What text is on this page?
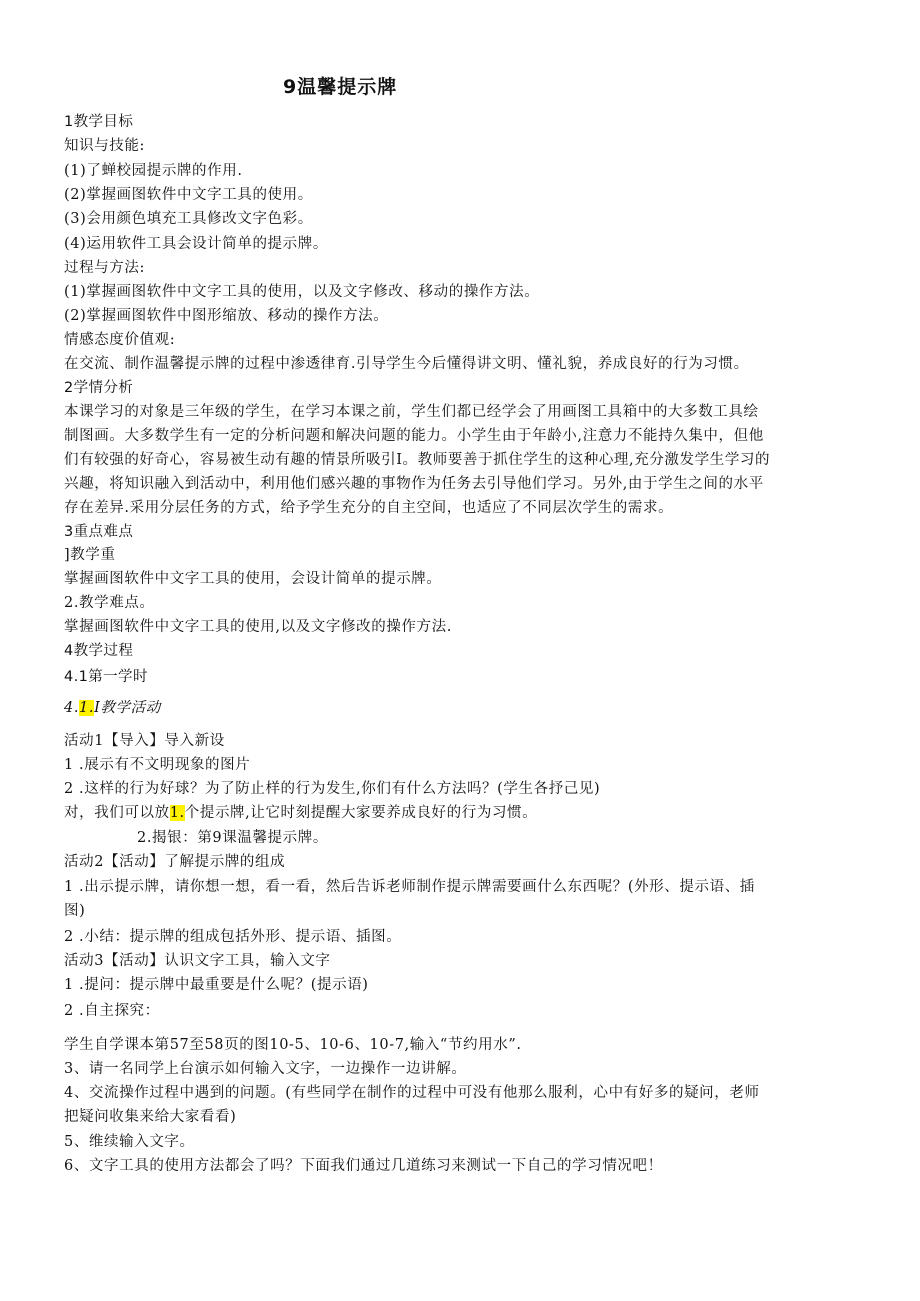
9温馨提示牌
1教学目标
知识与技能:
(1)了蝉校园提示牌的作用.
(2)掌握画图软件中文字工具的使用。
(3)会用颜色填充工具修改文字色彩。
(4)运用软件工具会设计简单的提示牌。
过程与方法:
(1)掌握画图软件中文字工具的使用，以及文字修改、移动的操作方法。
(2)掌握画图软件中图形缩放、移动的操作方法。
情感态度价值观:
在交流、制作温馨提示牌的过程中渗透律育.引导学生今后懂得讲文明、懂礼貌，养成良好的行为习惯。
2学情分析
本课学习的对象是三年级的学生，在学习本课之前，学生们都已经学会了用画图工具箱中的大多数工具绘
制图画。大多数学生有一定的分析问题和解决问题的能力。小学生由于年龄小,注意力不能持久集中，但他
们有较强的好奇心，容易被生动有趣的情景所吸引I。教师要善于抓住学生的这种心理,充分激发学生学习的
兴趣，将知识融入到活动中，利用他们感兴趣的事物作为任务去引导他们学习。另外,由于学生之间的水平
存在差异.采用分层任务的方式，给予学生充分的自主空间，也适应了不同层次学生的需求。
3重点难点
]教学重
掌握画图软件中文字工具的使用，会设计简单的提示牌。
2.教学难点。
掌握画图软件中文字工具的使用,以及文字修改的操作方法.
4教学过程
4.1第一学时
4.1.I教学活动
活动1【导入】导入新设
1 .展示有不文明现象的图片
2 .这样的行为好球？为了防止样的行为发生,你们有什么方法吗？(学生各抒己见)
对，我们可以放1.个提示牌,让它时刻提醒大家要养成良好的行为习惯。
2.揭银：第9课温馨提示牌。
活动2【活动】了解提示牌的组成
1 .出示提示牌，请你想一想，看一看，然后告诉老师制作提示牌需要画什么东西呢？(外形、提示语、插
图)
2 .小结：提示牌的组成包括外形、提示语、插图。
活动3【活动】认识文字工具，输入文字
1 .提问：提示牌中最重要是什么呢？(提示语)
2 .自主探究：
学生自学课本第57至58页的图10-5、10-6、10-7,输入“节约用水”.
3、请一名同学上台演示如何输入文字，一边操作一边讲解。
4、交流操作过程中遇到的问题。(有些同学在制作的过程中可没有他那么服利，心中有好多的疑问，老师
把疑问收集来给大家看看)
5、维续输入文字。
6、文字工具的使用方法都会了吗？下面我们通过几道练习来测试一下自己的学习情况吧！
